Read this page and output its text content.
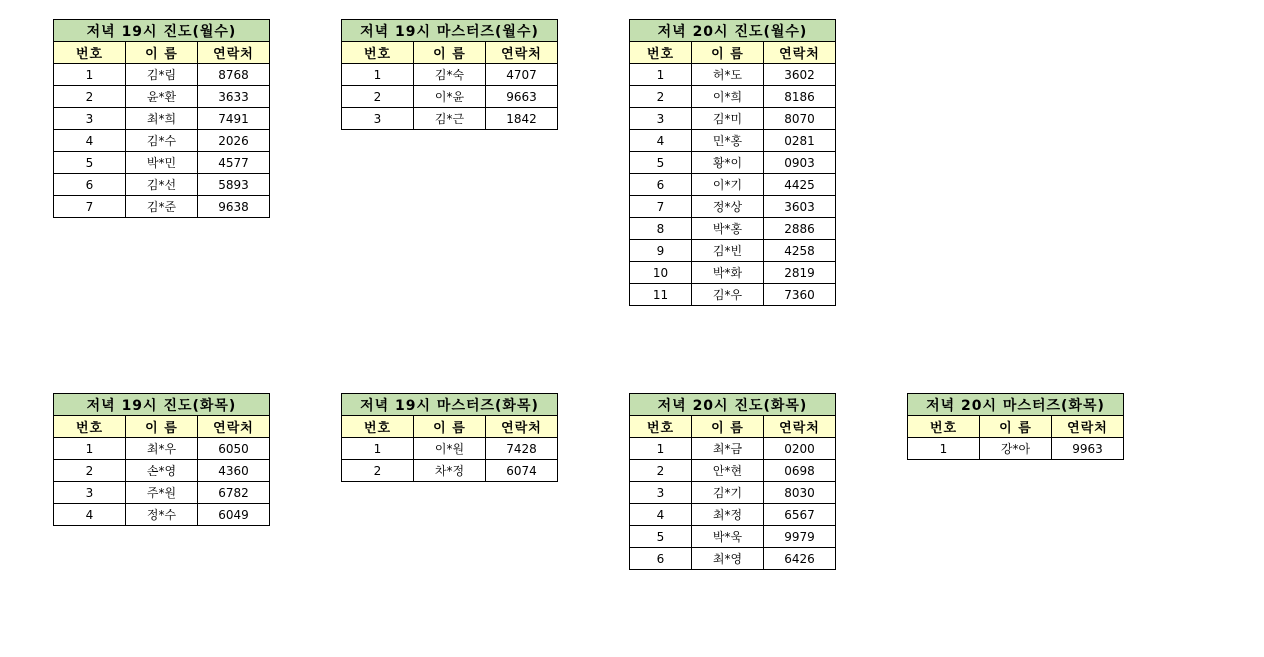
저녁 19시 진도(월수)		
번호	이 름	연락처
1	김*림	8768
2	윤*환	3633
3	최*희	7491
4	김*수	2026
5	박*민	4577
6	김*선	5893
7	김*준	9638
저녁 19시 마스터즈(월수)		
번호	이 름	연락처
1	김*숙	4707
2	이*윤	9663
3	김*근	1842
저녁 20시 진도(월수)		
번호	이 름	연락처
1	허*도	3602
2	이*희	8186
3	김*미	8070
4	민*홍	0281
5	황*이	0903
6	이*기	4425
7	정*상	3603
8	박*홍	2886
9	김*빈	4258
10	박*화	2819
11	김*우	7360
저녁 19시 진도(화목)		
번호	이 름	연락처
1	최*우	6050
2	손*영	4360
3	주*원	6782
4	정*수	6049
저녁 19시 마스터즈(화목)		
번호	이 름	연락처
1	이*원	7428
2	차*정	6074
저녁 20시 진도(화목)		
번호	이 름	연락처
1	최*금	0200
2	안*현	0698
3	김*기	8030
4	최*정	6567
5	박*욱	9979
6	최*영	6426
저녁 20시 마스터즈(화목)		
번호	이 름	연락처
1	강*아	9963
